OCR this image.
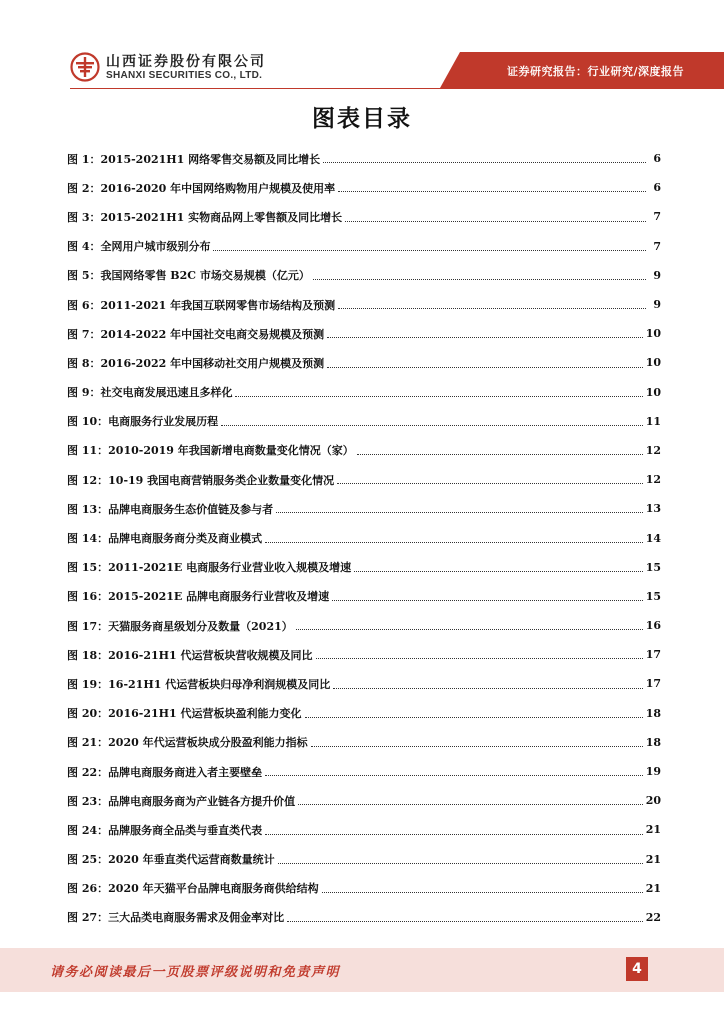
山西证券股份有限公司
SHANXI SECURITIES CO., LTD.	证券研究报告：行业研究/深度报告
图表目录
图 1：2015-2021H1 网络零售交易额及同比增长	6
图 2：2016-2020 年中国网络购物用户规模及使用率	6
图 3：2015-2021H1 实物商品网上零售额及同比增长	7
图 4：全网用户城市级别分布	7
图 5：我国网络零售 B2C 市场交易规模（亿元）	9
图 6：2011-2021 年我国互联网零售市场结构及预测	9
图 7：2014-2022 年中国社交电商交易规模及预测	10
图 8：2016-2022 年中国移动社交用户规模及预测	10
图 9：社交电商发展迅速且多样化	10
图 10：电商服务行业发展历程	11
图 11：2010-2019 年我国新增电商数量变化情况（家）	12
图 12：10-19 我国电商营销服务类企业数量变化情况	12
图 13：品牌电商服务生态价值链及参与者	13
图 14：品牌电商服务商分类及商业模式	14
图 15：2011-2021E 电商服务行业营业收入规模及增速	15
图 16：2015-2021E 品牌电商服务行业营收及增速	15
图 17：天猫服务商星级划分及数量（2021）	16
图 18：2016-21H1 代运营板块营收规模及同比	17
图 19：16-21H1 代运营板块归母净利润规模及同比	17
图 20：2016-21H1 代运营板块盈利能力变化	18
图 21：2020 年代运营板块成分股盈利能力指标	18
图 22：品牌电商服务商进入者主要壁垒	19
图 23：品牌电商服务商为产业链各方提升价值	20
图 24：品牌服务商全品类与垂直类代表	21
图 25：2020 年垂直类代运营商数量统计	21
图 26：2020 年天猫平台品牌电商服务商供给结构	21
图 27：三大品类电商服务需求及佣金率对比	22
请务必阅读最后一页股票评级说明和免责声明	4
